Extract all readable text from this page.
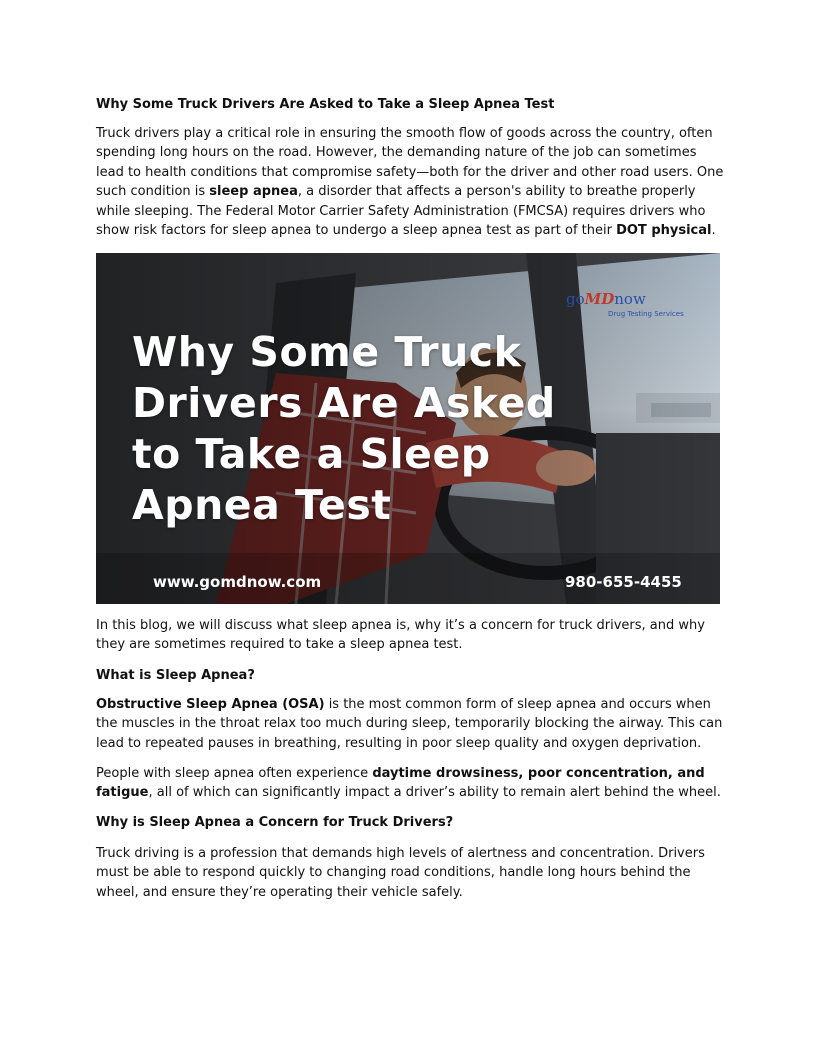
Why Some Truck Drivers Are Asked to Take a Sleep Apnea Test

Truck drivers play a critical role in ensuring the smooth flow of goods across the country, often spending long hours on the road. However, the demanding nature of the job can sometimes lead to health conditions that compromise safety—both for the driver and other road users. One such condition is sleep apnea, a disorder that affects a person's ability to breathe properly while sleeping. The Federal Motor Carrier Safety Administration (FMCSA) requires drivers who show risk factors for sleep apnea to undergo a sleep apnea test as part of their DOT physical.

Why Some Truck Drivers Are Asked to Take a Sleep Apnea Test
goMDnow
Drug Testing Services
www.gomdnow.com	980-655-4455

In this blog, we will discuss what sleep apnea is, why it’s a concern for truck drivers, and why they are sometimes required to take a sleep apnea test.

What is Sleep Apnea?

Obstructive Sleep Apnea (OSA) is the most common form of sleep apnea and occurs when the muscles in the throat relax too much during sleep, temporarily blocking the airway. This can lead to repeated pauses in breathing, resulting in poor sleep quality and oxygen deprivation.

People with sleep apnea often experience daytime drowsiness, poor concentration, and fatigue, all of which can significantly impact a driver’s ability to remain alert behind the wheel.

Why is Sleep Apnea a Concern for Truck Drivers?

Truck driving is a profession that demands high levels of alertness and concentration. Drivers must be able to respond quickly to changing road conditions, handle long hours behind the wheel, and ensure they’re operating their vehicle safely.
